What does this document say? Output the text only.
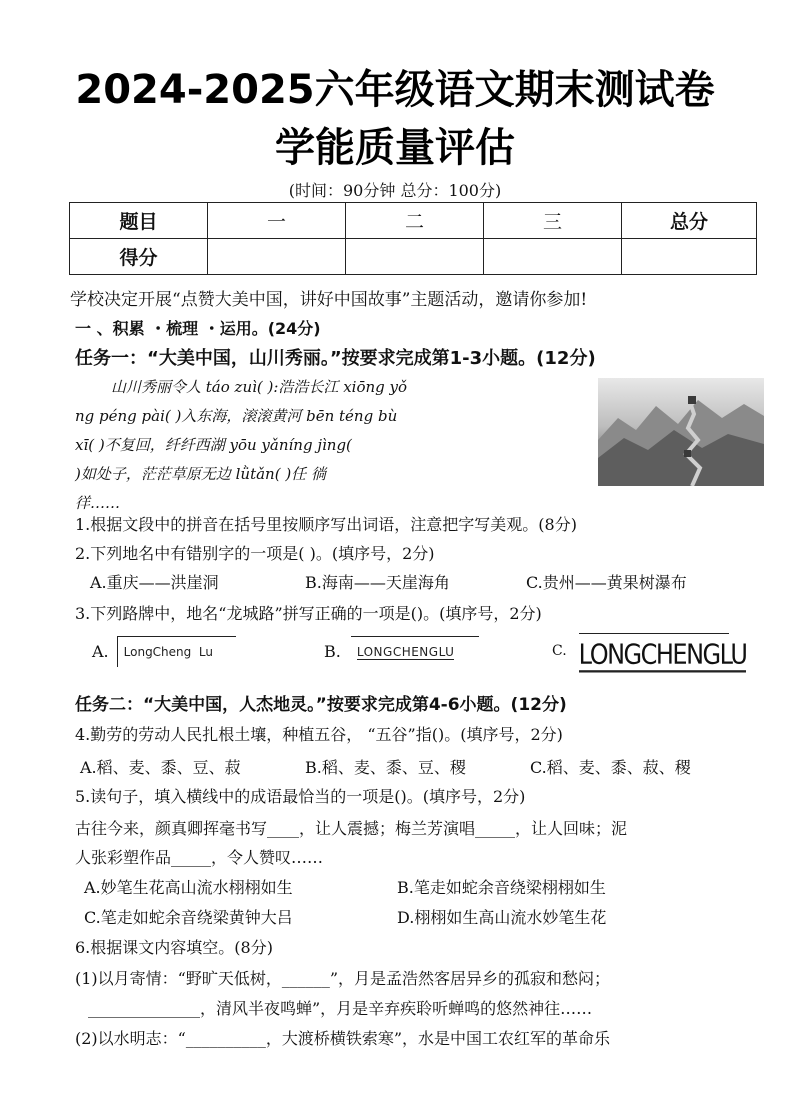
2024-2025六年级语文期末测试卷
学能质量评估
(时间：90分钟 总分：100分)
题目	一	二	三	总分
得分				
学校决定开展“点赞大美中国，讲好中国故事”主题活动，邀请你参加!
一 、积累 ・梳理 ・运用。(24分)
任务一：“大美中国，山川秀丽。”按要求完成第1-3小题。(12分)

山川秀丽令人 táo zuì( ):浩浩长江 xiōng yǒ

ng péng pài( )入东海，滚滚黄河 bēn téng bù

xī( )不复回，纤纤西湖 yōu yǎníng jìng(

)如处子，茫茫草原无边 lǜtǎn( )任 徜

徉……

1.根据文段中的拼音在括号里按顺序写出词语，注意把字写美观。(8分)
2.下列地名中有错别字的一项是( )。(填序号，2分)
A.重庆——洪崖洞	B.海南——天崖海角	C.贵州——黄果树瀑布
3.下列路牌中，地名“龙城路”拼写正确的一项是()。(填序号，2分)
A. LongCheng  Lu	B. LONGCHENGLU	C. LONGCHENGLU
任务二：“大美中国，人杰地灵。”按要求完成第4-6小题。(12分)
4.勤劳的劳动人民扎根土壤，种植五谷， “五谷”指()。(填序号，2分)
A.稻、麦、黍、豆、菽	B.稻、麦、黍、豆、稷	C.稻、麦、黍、菽、稷
5.读句子，填入横线中的成语最恰当的一项是()。(填序号，2分)
古往今来，颜真卿挥毫书写____，让人震撼；梅兰芳演唱_____，让人回味；泥
人张彩塑作品_____，令人赞叹……
A.妙笔生花高山流水栩栩如生	B.笔走如蛇余音绕梁栩栩如生
C.笔走如蛇余音绕梁黄钟大吕	D.栩栩如生高山流水妙笔生花
6.根据课文内容填空。(8分)
(1)以月寄情：“野旷天低树，______”，月是孟浩然客居异乡的孤寂和愁闷；
______________，清风半夜鸣蝉”，月是辛弃疾聆听蝉鸣的悠然神往……
(2)以水明志：“__________，大渡桥横铁索寒”，水是中国工农红军的革命乐
